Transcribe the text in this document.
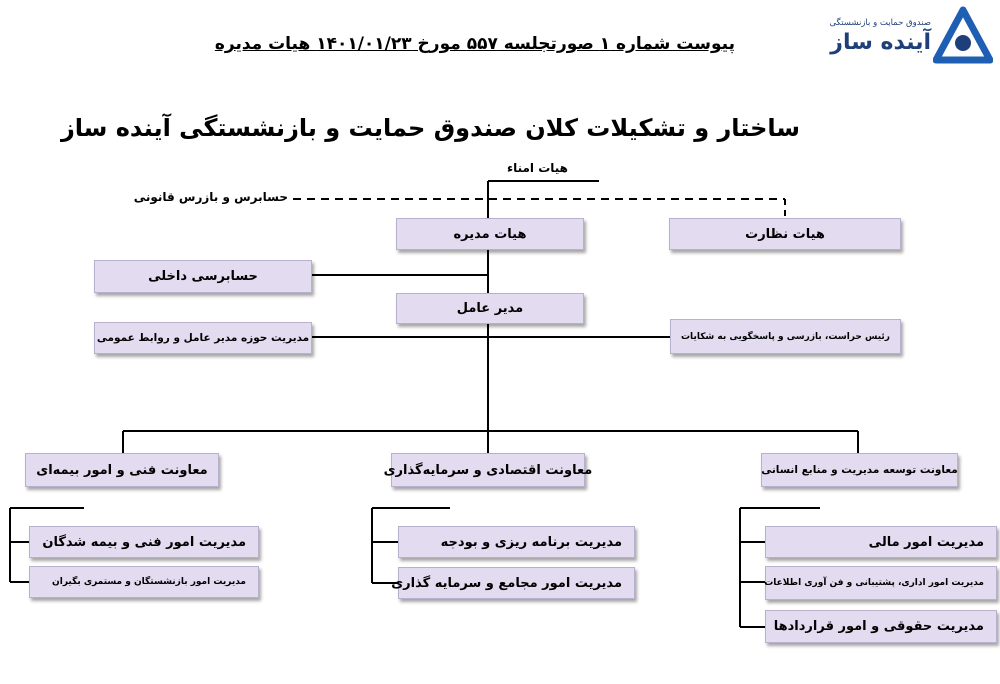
صندوق حمایت و بازنشستگی
آینده ساز
پیوست شماره ۱ صورتجلسه ۵۵۷ مورخ ۱۴۰۱/۰۱/۲۳ هیات مدیره
ساختار و تشکیلات کلان صندوق حمایت و بازنشستگی آینده ساز
هیات امناء
حسابرس و بازرس قانونی
هیات مدیره	هیات نظارت
حسابرسی داخلی
مدیر عامل
مدیریت حوزه مدیر عامل و روابط عمومی	رئیس حراست، بازرسی و پاسخگویی به شکایات
معاونت فنی و امور بیمه‌ای	معاونت اقتصادی و سرمایه‌گذاری	معاونت توسعه مدیریت و منابع انسانی
مدیریت امور فنی و بیمه شدگان
مدیریت امور بازنشستگان و مستمری بگیران
مدیریت برنامه ریزی و بودجه
مدیریت امور مجامع و سرمایه گذاری
مدیریت امور مالی
مدیریت امور اداری، پشتیبانی و فن آوری اطلاعات
مدیریت حقوقی و امور قراردادها
